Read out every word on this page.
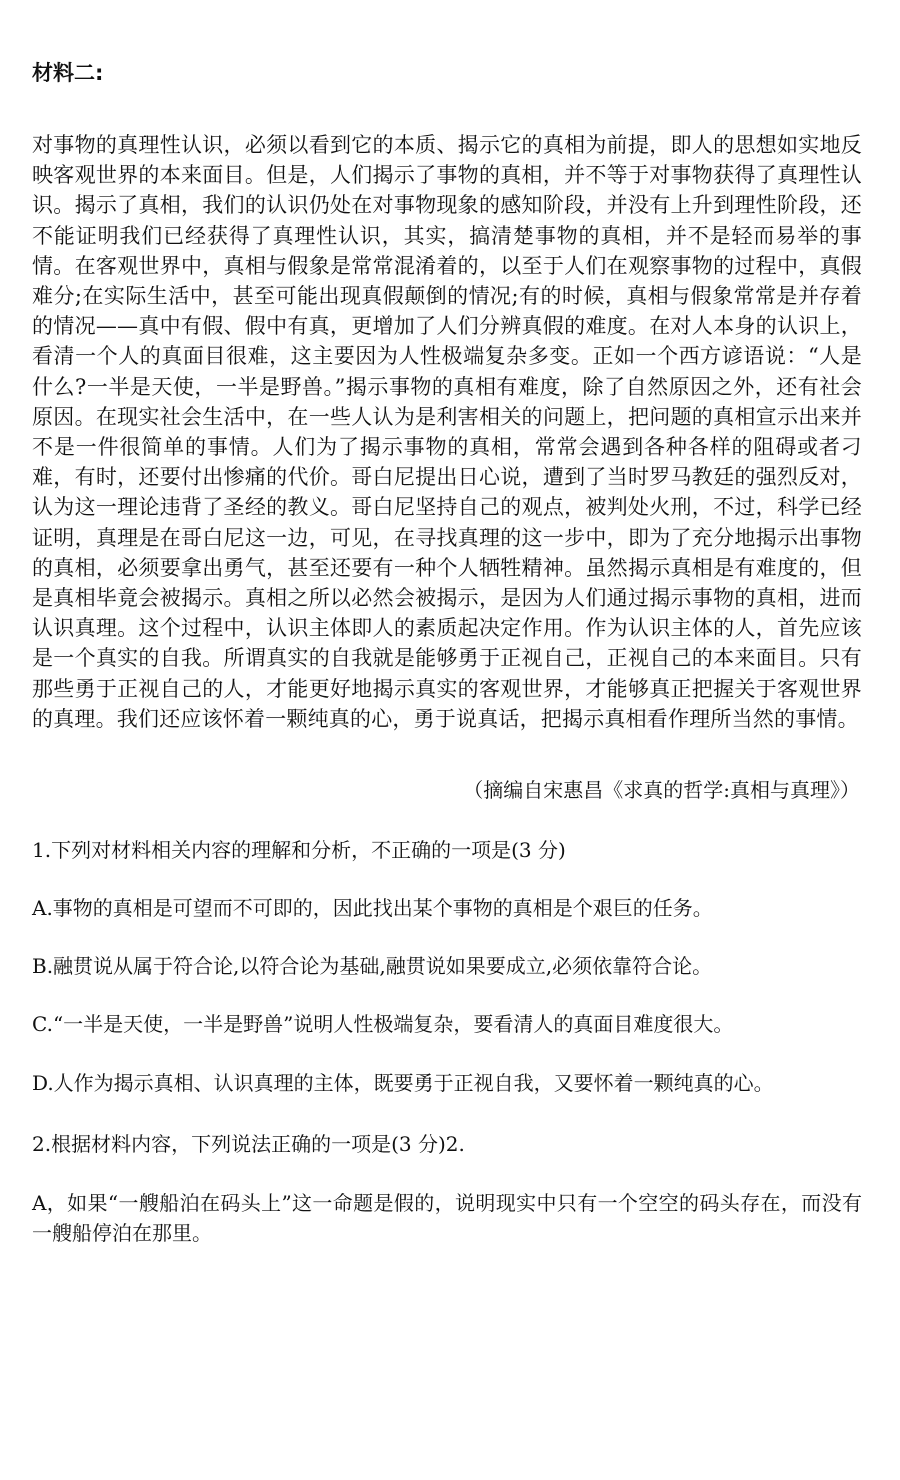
材料二:

对事物的真理性认识，必须以看到它的本质、揭示它的真相为前提，即人的思想如实地反映客观世界的本来面目。但是，人们揭示了事物的真相，并不等于对事物获得了真理性认识。揭示了真相，我们的认识仍处在对事物现象的感知阶段，并没有上升到理性阶段，还不能证明我们已经获得了真理性认识，其实，搞清楚事物的真相，并不是轻而易举的事情。在客观世界中，真相与假象是常常混淆着的，以至于人们在观察事物的过程中，真假难分;在实际生活中，甚至可能出现真假颠倒的情况;有的时候，真相与假象常常是并存着的情况——真中有假、假中有真，更增加了人们分辨真假的难度。在对人本身的认识上，看清一个人的真面目很难，这主要因为人性极端复杂多变。正如一个西方谚语说：“人是什么?一半是天使，一半是野兽。”揭示事物的真相有难度，除了自然原因之外，还有社会原因。在现实社会生活中，在一些人认为是利害相关的问题上，把问题的真相宣示出来并不是一件很简单的事情。人们为了揭示事物的真相，常常会遇到各种各样的阻碍或者刁难，有时，还要付出惨痛的代价。哥白尼提出日心说，遭到了当时罗马教廷的强烈反对，认为这一理论违背了圣经的教义。哥白尼坚持自己的观点，被判处火刑，不过，科学已经证明，真理是在哥白尼这一边，可见，在寻找真理的这一步中，即为了充分地揭示出事物的真相，必须要拿出勇气，甚至还要有一种个人牺牲精神。虽然揭示真相是有难度的，但是真相毕竟会被揭示。真相之所以必然会被揭示，是因为人们通过揭示事物的真相，进而认识真理。这个过程中，认识主体即人的素质起决定作用。作为认识主体的人，首先应该是一个真实的自我。所谓真实的自我就是能够勇于正视自己，正视自己的本来面目。只有那些勇于正视自己的人，才能更好地揭示真实的客观世界，才能够真正把握关于客观世界的真理。我们还应该怀着一颗纯真的心，勇于说真话，把揭示真相看作理所当然的事情。

（摘编自宋惠昌《求真的哲学:真相与真理》）
1.下列对材料相关内容的理解和分析，不正确的一项是(3 分)
A.事物的真相是可望而不可即的，因此找出某个事物的真相是个艰巨的任务。
B.融贯说从属于符合论,以符合论为基础,融贯说如果要成立,必须依靠符合论。
C.“一半是天使，一半是野兽”说明人性极端复杂，要看清人的真面目难度很大。
D.人作为揭示真相、认识真理的主体，既要勇于正视自我，又要怀着一颗纯真的心。
2.根据材料内容，下列说法正确的一项是(3 分)2.
A，如果“一艘船泊在码头上”这一命题是假的，说明现实中只有一个空空的码头存在，而没有一艘船停泊在那里。
